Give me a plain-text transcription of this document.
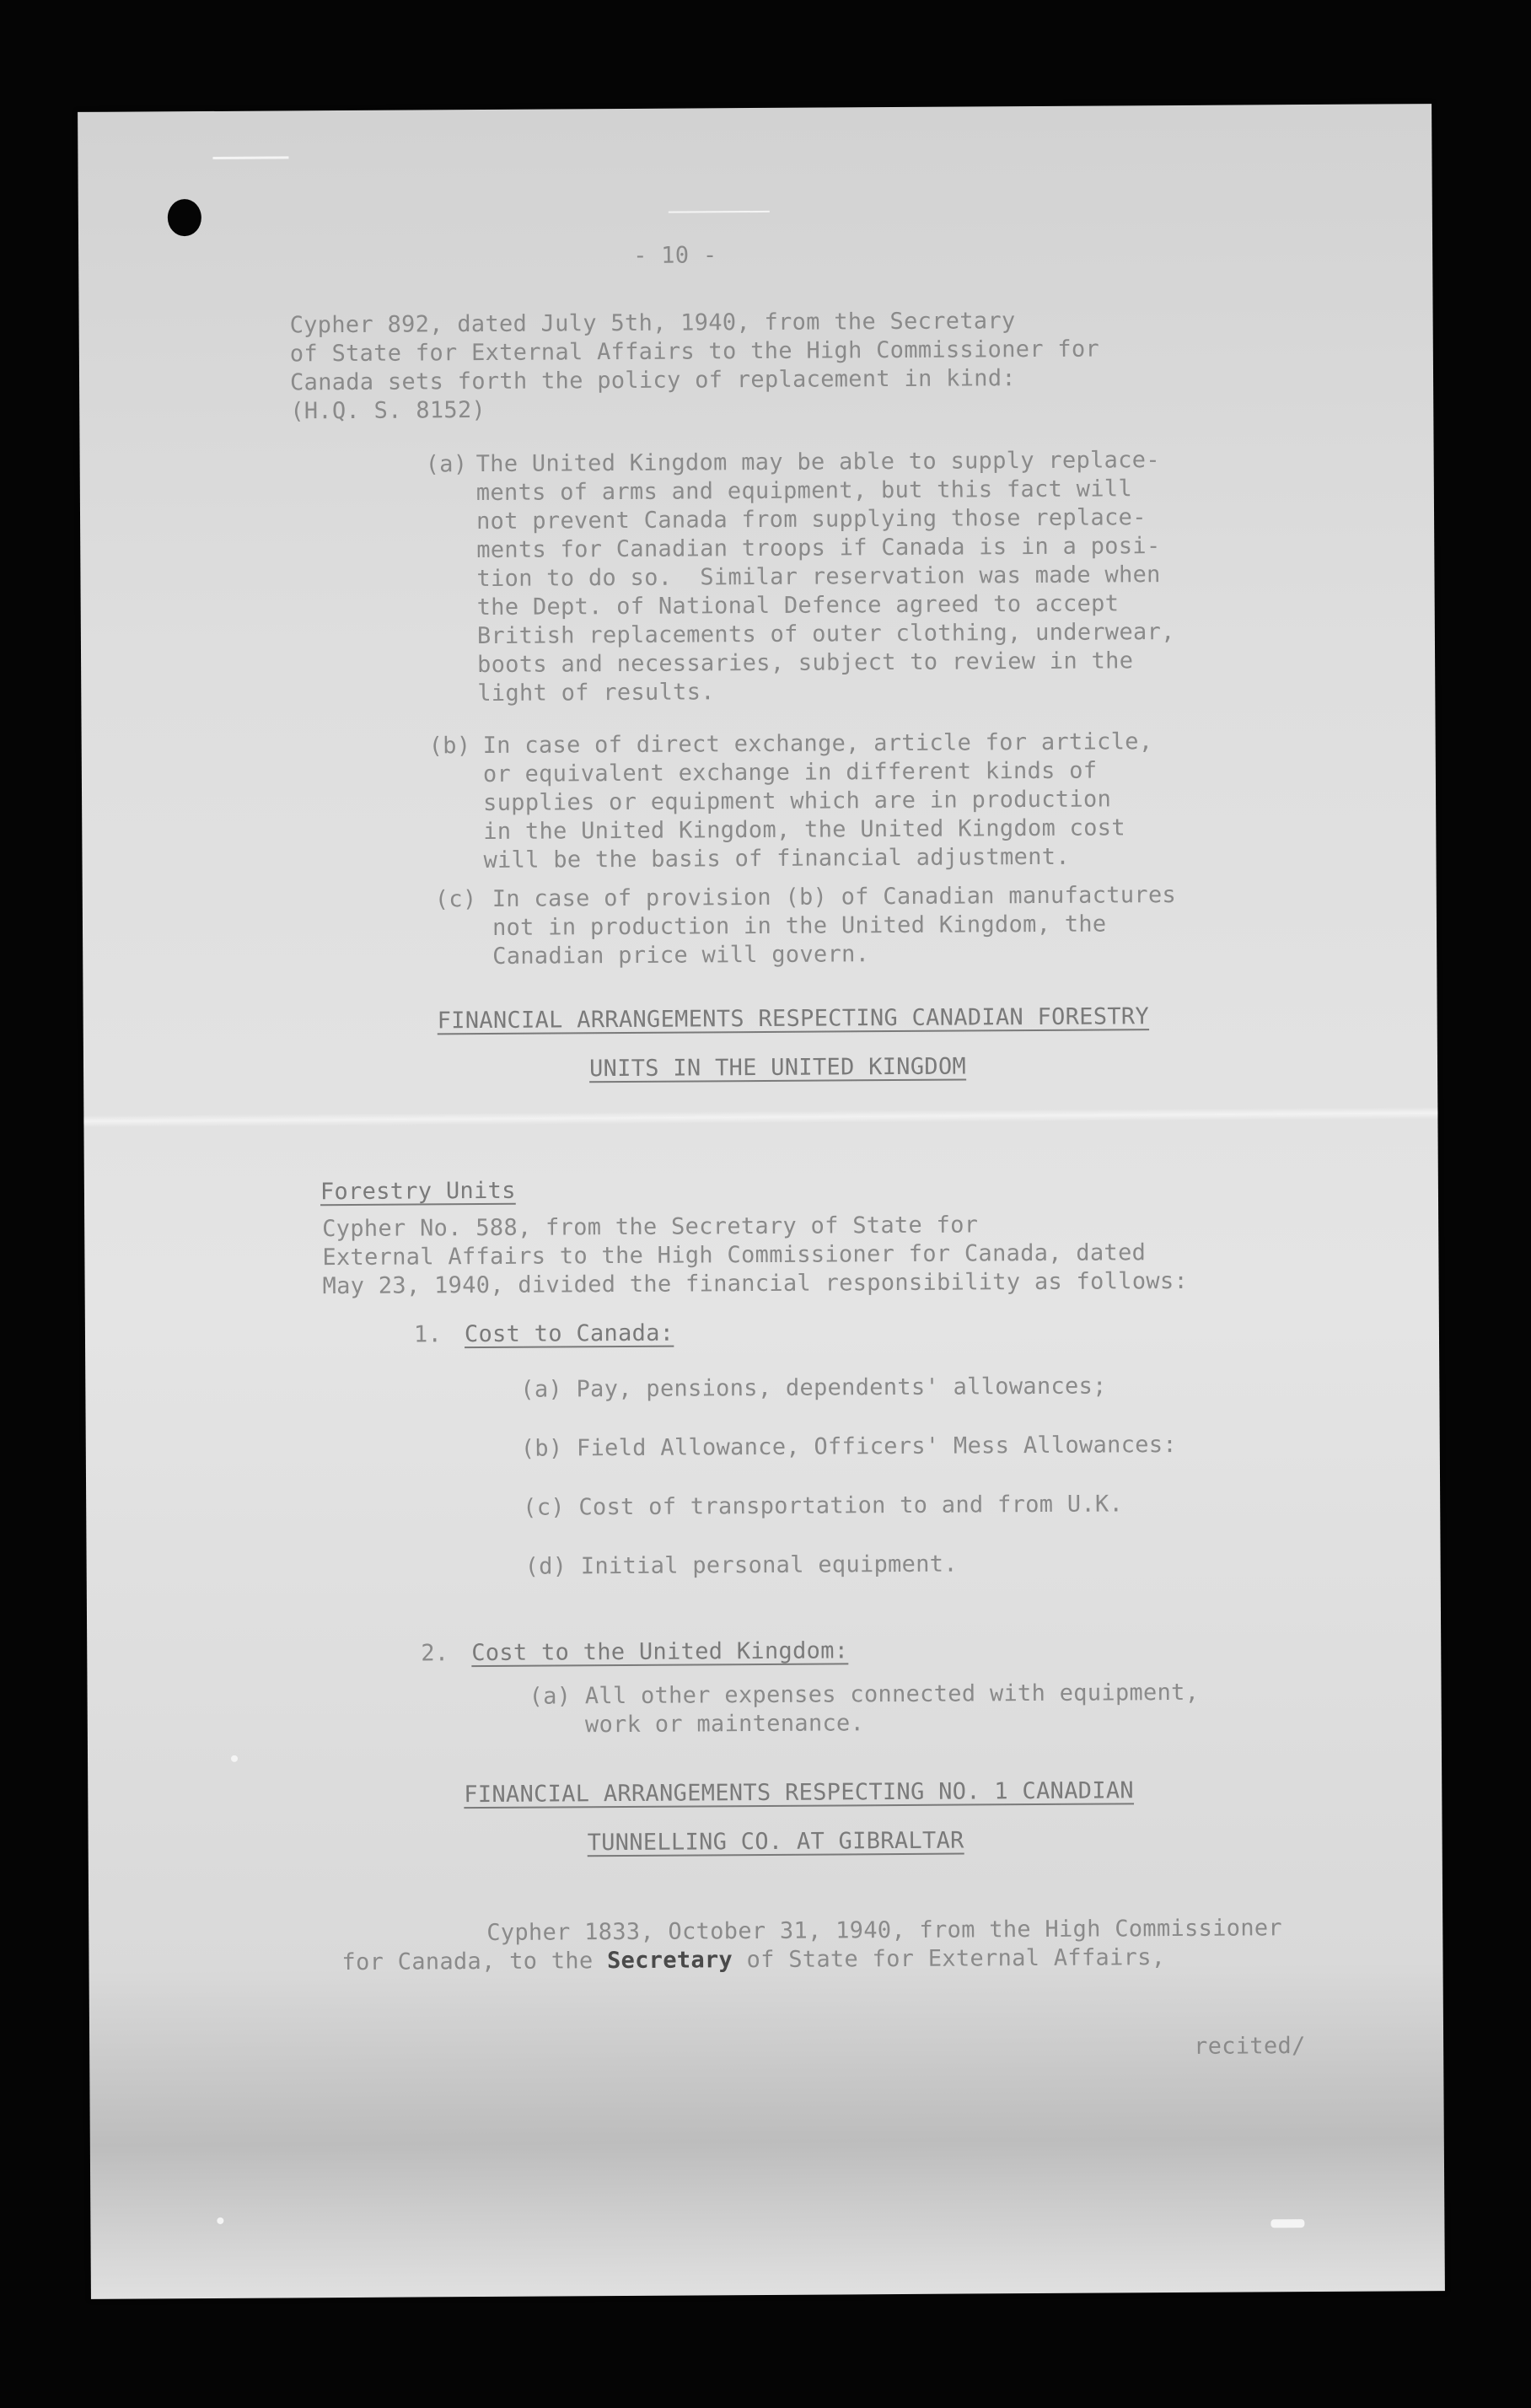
- 10 -

Cypher 892, dated July 5th, 1940, from the Secretary
of State for External Affairs to the High Commissioner for
Canada sets forth the policy of replacement in kind:
(H.Q. S. 8152)

(a) The United Kingdom may be able to supply replace-
ments of arms and equipment, but this fact will
not prevent Canada from supplying those replace-
ments for Canadian troops if Canada is in a posi-
tion to do so.  Similar reservation was made when
the Dept. of National Defence agreed to accept
British replacements of outer clothing, underwear,
boots and necessaries, subject to review in the
light of results.

(b) In case of direct exchange, article for article,
or equivalent exchange in different kinds of
supplies or equipment which are in production
in the United Kingdom, the United Kingdom cost
will be the basis of financial adjustment.

(c) In case of provision (b) of Canadian manufactures
not in production in the United Kingdom, the
Canadian price will govern.

FINANCIAL ARRANGEMENTS RESPECTING CANADIAN FORESTRY

UNITS IN THE UNITED KINGDOM

Forestry Units

Cypher No. 588, from the Secretary of State for
External Affairs to the High Commissioner for Canada, dated
May 23, 1940, divided the financial responsibility as follows:

1. Cost to Canada:

(a) Pay, pensions, dependents' allowances;

(b) Field Allowance, Officers' Mess Allowances:

(c) Cost of transportation to and from U.K.

(d) Initial personal equipment.

2. Cost to the United Kingdom:

(a) All other expenses connected with equipment,
work or maintenance.

FINANCIAL ARRANGEMENTS RESPECTING NO. 1 CANADIAN

TUNNELLING CO. AT GIBRALTAR

Cypher 1833, October 31, 1940, from the High Commissioner

for Canada, to the Secretary of State for External Affairs,

recited/
